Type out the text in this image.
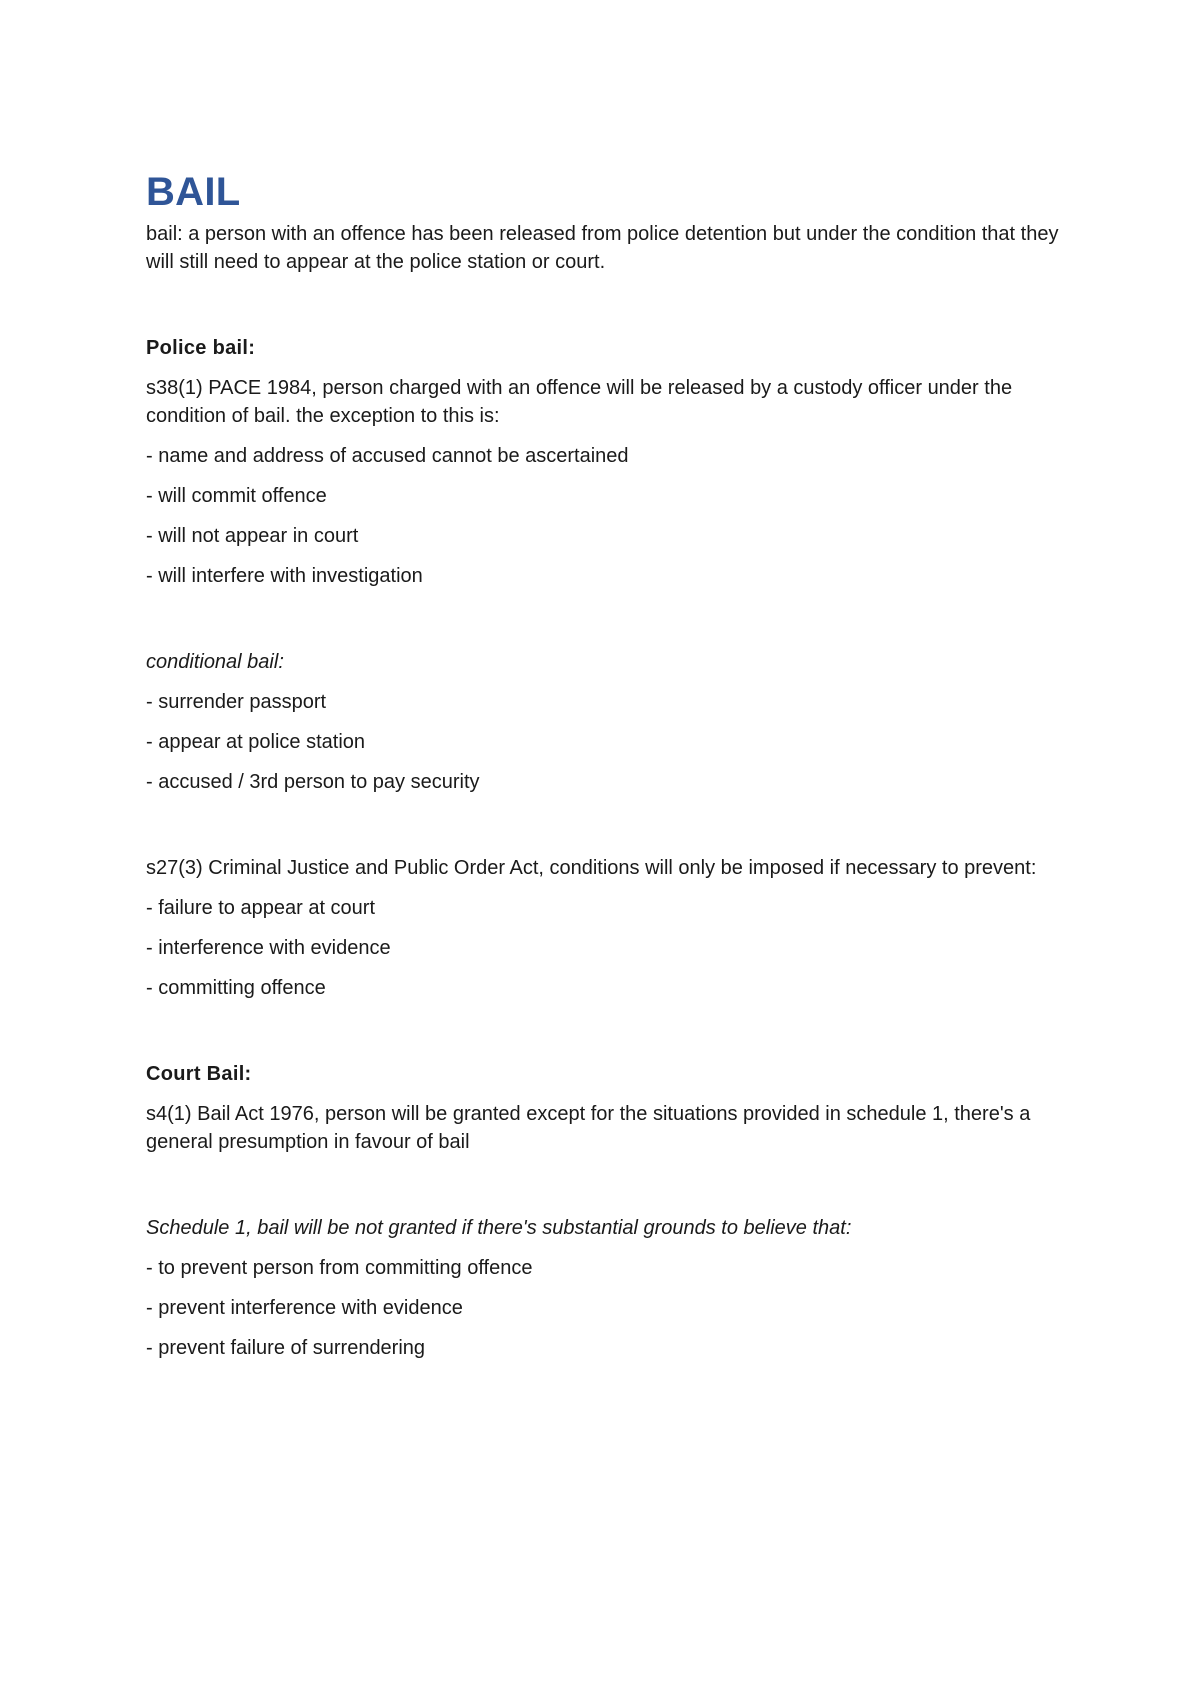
BAIL

bail: a person with an offence has been released from police detention but under the condition that they will still need to appear at the police station or court.

Police bail:

s38(1) PACE 1984, person charged with an offence will be released by a custody officer under the condition of bail. the exception to this is:

- name and address of accused cannot be ascertained

- will commit offence

- will not appear in court

- will interfere with investigation

conditional bail:

- surrender passport

- appear at police station

- accused / 3rd person to pay security

s27(3) Criminal Justice and Public Order Act, conditions will only be imposed if necessary to prevent:

- failure to appear at court

- interference with evidence

- committing offence

Court Bail:

s4(1) Bail Act 1976, person will be granted except for the situations provided in schedule 1, there's a general presumption in favour of bail

Schedule 1, bail will be not granted if there's substantial grounds to believe that:

- to prevent person from committing offence

- prevent interference with evidence

- prevent failure of surrendering
